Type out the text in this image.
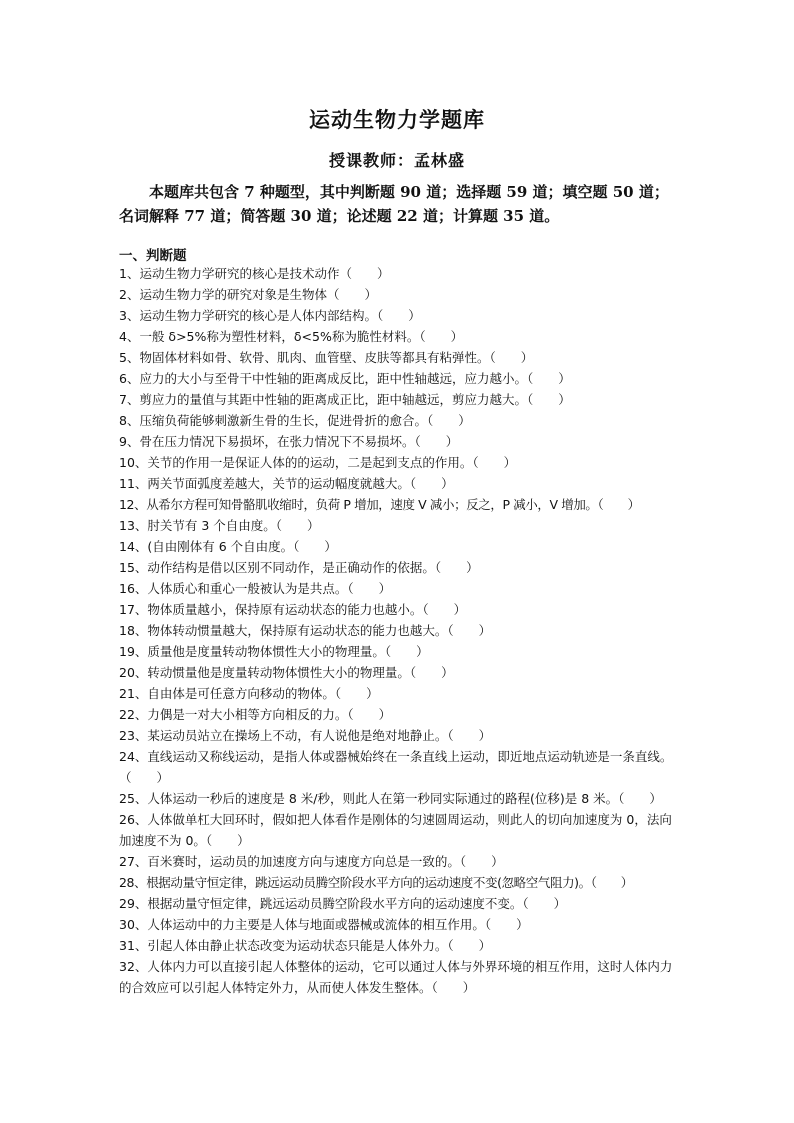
运动生物力学题库
授课教师：孟林盛
本题库共包含 7 种题型，其中判断题 90 道；选择题 59 道；填空题 50 道；名词解释 77 道；简答题 30 道；论述题 22 道；计算题 35 道。
一、判断题
1、运动生物力学研究的核心是技术动作（　　）
2、运动生物力学的研究对象是生物体（　　）
3、运动生物力学研究的核心是人体内部结构。（　　）
4、一般 δ>5%称为塑性材料，δ<5%称为脆性材料。（　　）
5、物固体材料如骨、软骨、肌肉、血管壁、皮肤等都具有粘弹性。（　　）
6、应力的大小与至骨干中性轴的距离成反比，距中性轴越远，应力越小。（　　）
7、剪应力的量值与其距中性轴的距离成正比，距中轴越远，剪应力越大。（　　）
8、压缩负荷能够刺激新生骨的生长，促进骨折的愈合。（　　）
9、骨在压力情况下易损坏，在张力情况下不易损坏。（　　）
10、关节的作用一是保证人体的的运动，二是起到支点的作用。（　　）
11、两关节面弧度差越大，关节的运动幅度就越大。（　　）
12、从希尔方程可知骨骼肌收缩时，负荷 P 增加，速度 V 减小；反之，P 减小，V 增加。（　　）
13、肘关节有 3 个自由度。（　　）
14、(自由刚体有 6 个自由度。（　　）
15、动作结构是借以区别不同动作，是正确动作的依据。（　　）
16、人体质心和重心一般被认为是共点。（　　）
17、物体质量越小，保持原有运动状态的能力也越小。（　　）
18、物体转动惯量越大，保持原有运动状态的能力也越大。（　　）
19、质量他是度量转动物体惯性大小的物理量。（　　）
20、转动惯量他是度量转动物体惯性大小的物理量。（　　）
21、自由体是可任意方向移动的物体。（　　）
22、力偶是一对大小相等方向相反的力。（　　）
23、某运动员站立在操场上不动，有人说他是绝对地静止。（　　）
24、直线运动又称线运动，是指人体或器械始终在一条直线上运动，即近地点运动轨迹是一条直线。（　　）
25、人体运动一秒后的速度是 8 米/秒，则此人在第一秒同实际通过的路程(位移)是 8 米。（　　）
26、人体做单杠大回环时，假如把人体看作是刚体的匀速圆周运动，则此人的切向加速度为 0，法向加速度不为 0。（　　）
27、百米赛时，运动员的加速度方向与速度方向总是一致的。（　　）
28、根据动量守恒定律，跳远运动员腾空阶段水平方向的运动速度不变(忽略空气阻力)。（　　）
29、根据动量守恒定律，跳远运动员腾空阶段水平方向的运动速度不变。（　　）
30、人体运动中的力主要是人体与地面或器械或流体的相互作用。（　　）
31、引起人体由静止状态改变为运动状态只能是人体外力。（　　）
32、人体内力可以直接引起人体整体的运动，它可以通过人体与外界环境的相互作用，这时人体内力的合效应可以引起人体特定外力，从而使人体发生整体。（　　）
